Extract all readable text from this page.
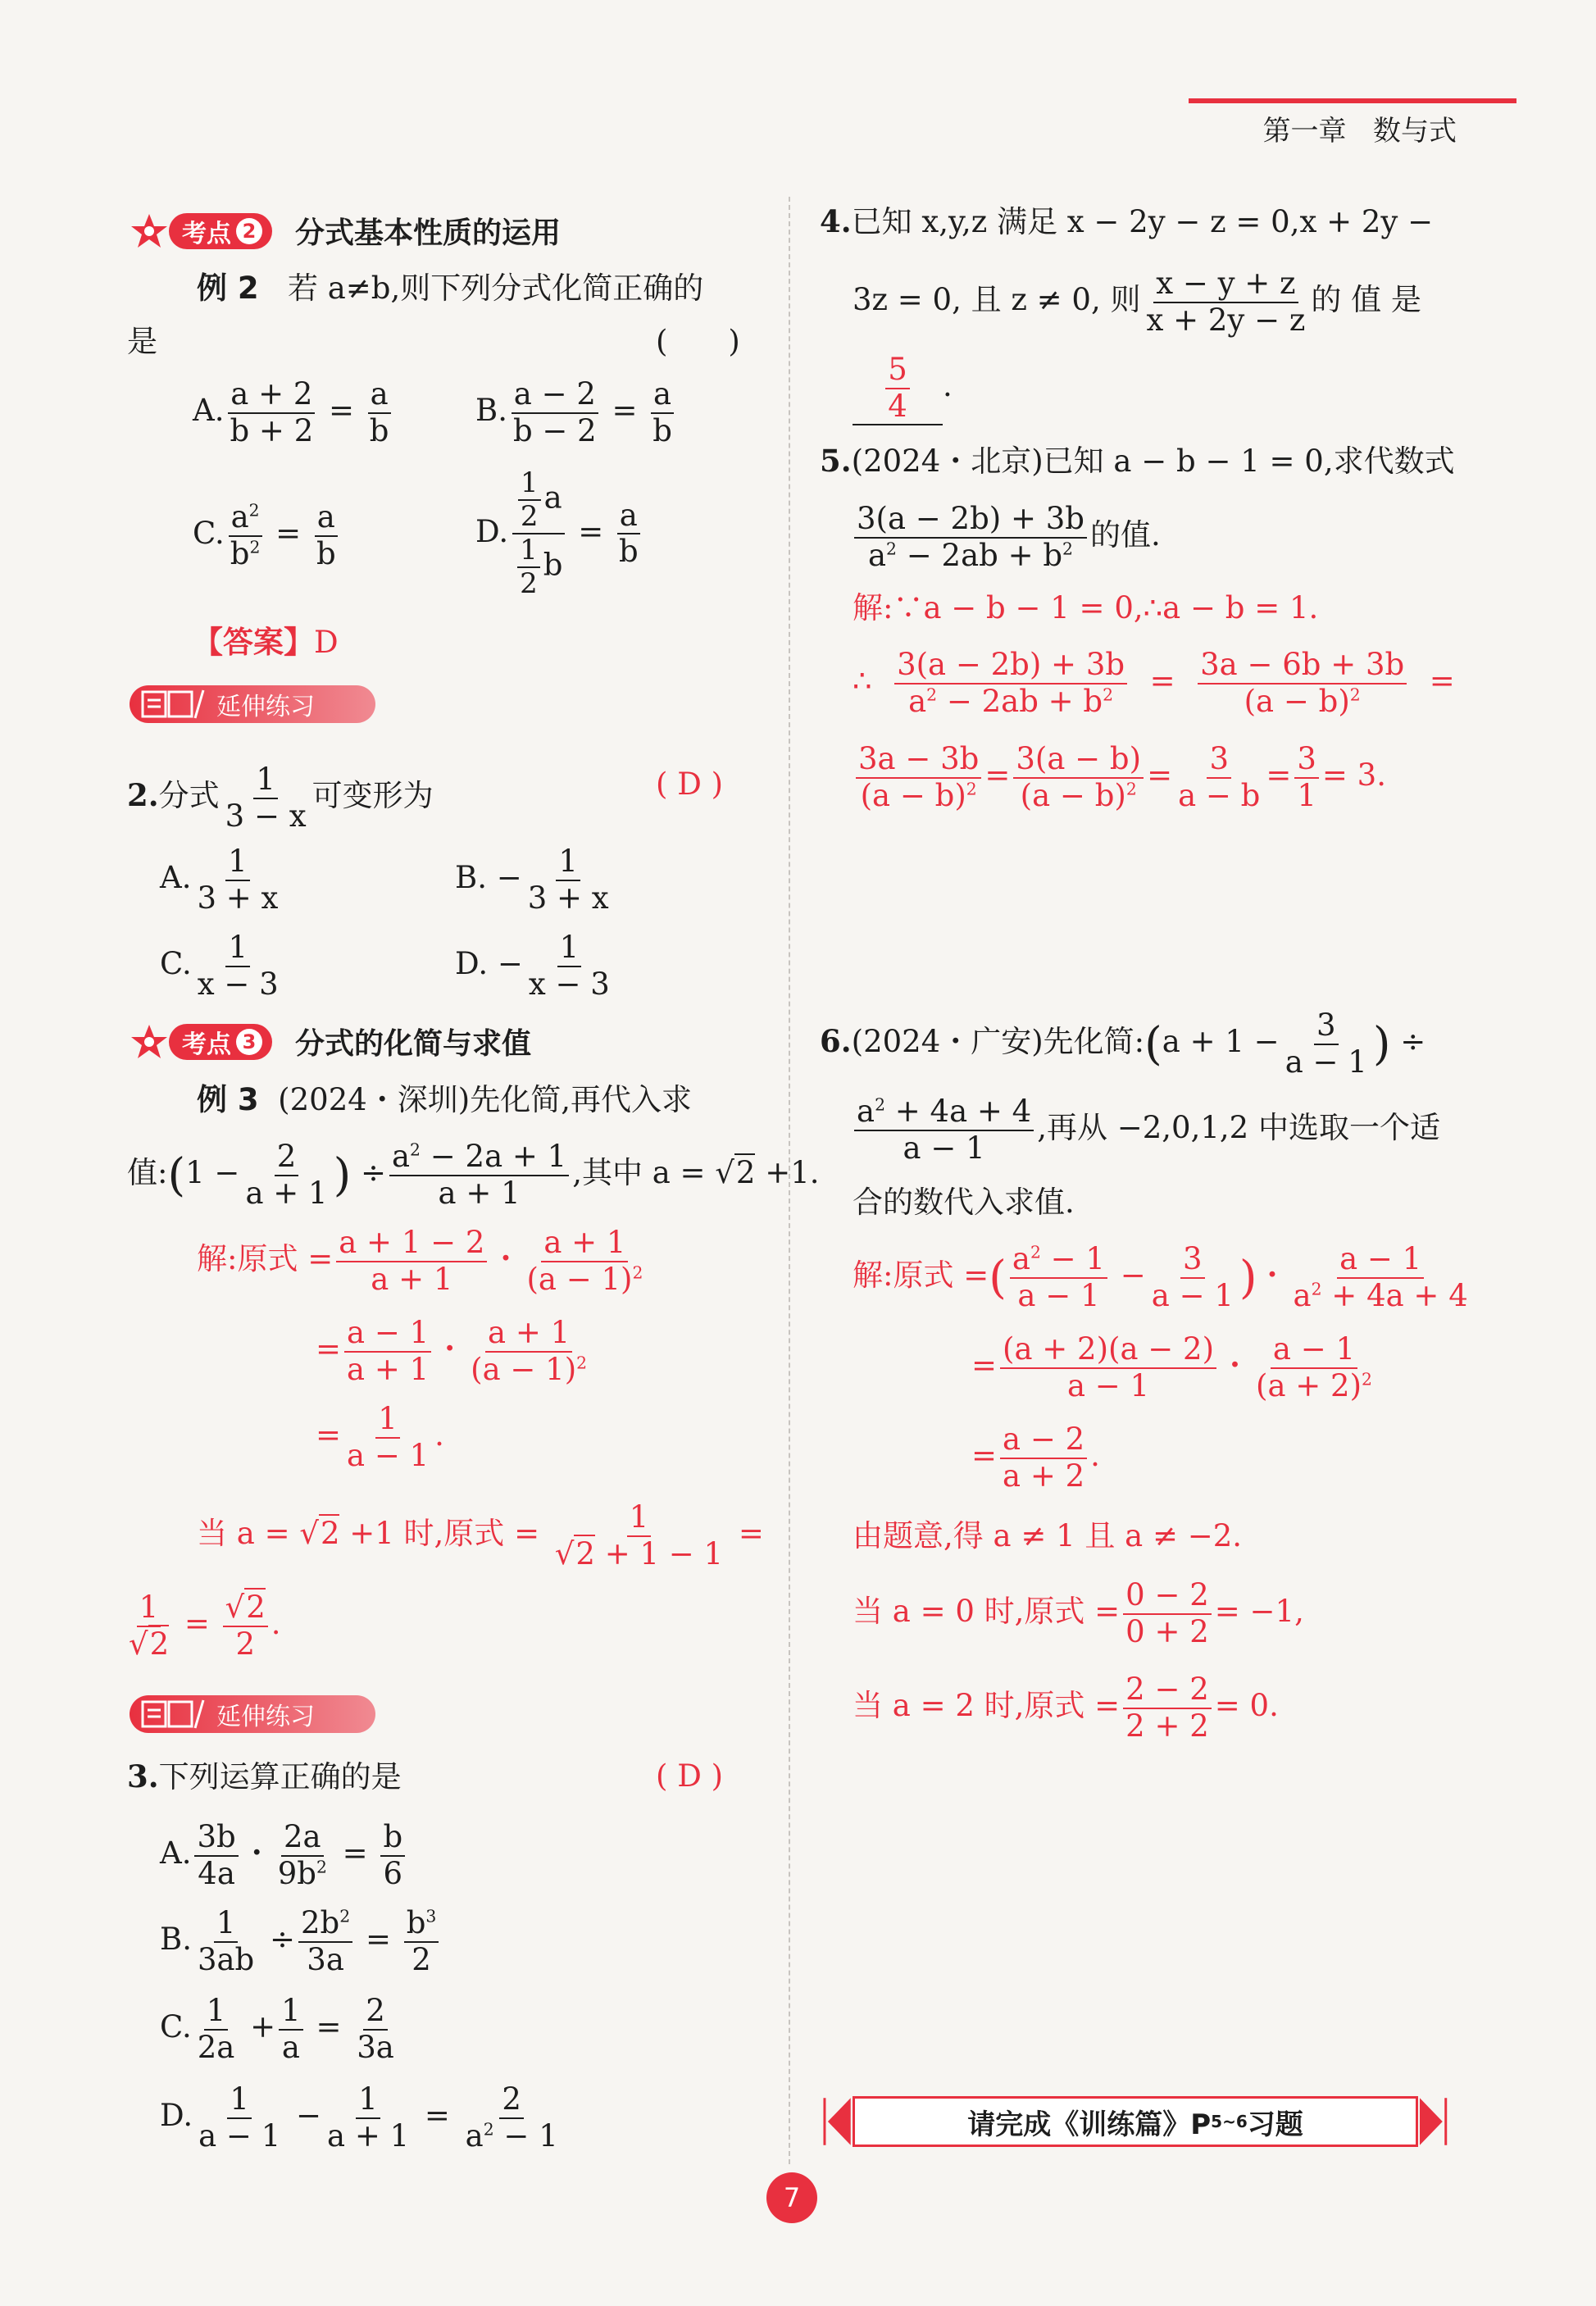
第一章 数与式
考点 2 分式基本性质的运用
例 2 若 a≠b,则下列分式化简正确的
是	(　　)
A. $\frac{a + 2}{b + 2} = \frac{a}{b}$	B. $\frac{a - 2}{b - 2} = \frac{a}{b}$
C. $\frac{a^2}{b^2} = \frac{a}{b}$	D. $\frac{\frac{1}{2} a}{\frac{1}{2} b} = \frac{a}{b}$
【答案】D
延伸练习
2.分式 $\frac{1}{3 - x}$ 可变形为	( D )
A. $\frac{1}{3 + x}$	B. − $\frac{1}{3 + x}$
C. $\frac{1}{x - 3}$	D. − $\frac{1}{x - 3}$
考点 3 分式的化简与求值
例 3 (2024・深圳)先化简,再代入求
值:(1 − $\frac{2}{a + 1}$ ) ÷ $\frac{a^2 - 2a + 1}{a + 1}$ ,其中 a = √2 +1.
解:原式 = $\frac{a + 1 - 2}{a + 1}$ ・ $\frac{a + 1}{(a - 1)^2}$
= $\frac{a - 1}{a + 1}$ ・ $\frac{a + 1}{(a - 1)^2}$
= $\frac{1}{a - 1}$ .
当 a = √2 +1 时,原式 = $\frac{1}{√2 + 1 - 1}$ =
$\frac{1}{√2} = \frac{√2}{2}$ .
延伸练习
3.下列运算正确的是	( D )
A. $\frac{3b}{4a}$ ・ $\frac{2a}{9b^2} = \frac{b}{6}$
B. $\frac{1}{3ab} \div \frac{2b^2}{3a} = \frac{b^3}{2}$
C. $\frac{1}{2a} + \frac{1}{a} = \frac{2}{3a}$
D. $\frac{1}{a - 1} - \frac{1}{a + 1} = \frac{2}{a^2 - 1}$
4.已知 x,y,z 满足 x − 2y − z = 0,x + 2y −
3z = 0, 且 z ≠ 0, 则 $\frac{x - y + z}{x + 2y - z}$ 的 值 是
$\frac{5}{4}$ .
5.(2024・北京)已知 a − b − 1 = 0,求代数式
$\frac{3(a - 2b) + 3b}{a^2 - 2ab + b^2}$ 的值.
解:∵a − b − 1 = 0,∴a − b = 1.
∴ $\frac{3(a - 2b) + 3b}{a^2 - 2ab + b^2} = \frac{3a - 6b + 3b}{(a - b)^2}$ =
$\frac{3a - 3b}{(a - b)^2} = \frac{3(a - b)}{(a - b)^2} = \frac{3}{a - b} = \frac{3}{1} = 3$.
6.(2024・广安)先化简:(a + $1 - \frac{3}{a - 1}$ ) ÷
$\frac{a^2 + 4a + 4}{a - 1}$ ,再从 −2,0,1,2 中选取一个适
合的数代入求值.
解:原式 =( $\frac{a^2 - 1}{a - 1} - \frac{3}{a - 1}$ )・ $\frac{a - 1}{a^2 + 4a + 4}$
= $\frac{(a + 2)(a - 2)}{a - 1}$ ・ $\frac{a - 1}{(a + 2)^2}$
= $\frac{a - 2}{a + 2}$ .
由题意,得 a ≠ 1 且 a ≠ −2.
当 a = 0 时,原式 = $\frac{0 - 2}{0 + 2} = -1$,
当 a = 2 时,原式 = $\frac{2 - 2}{2 + 2} = 0$.
请完成《训练篇》P 5~6 习题
7
